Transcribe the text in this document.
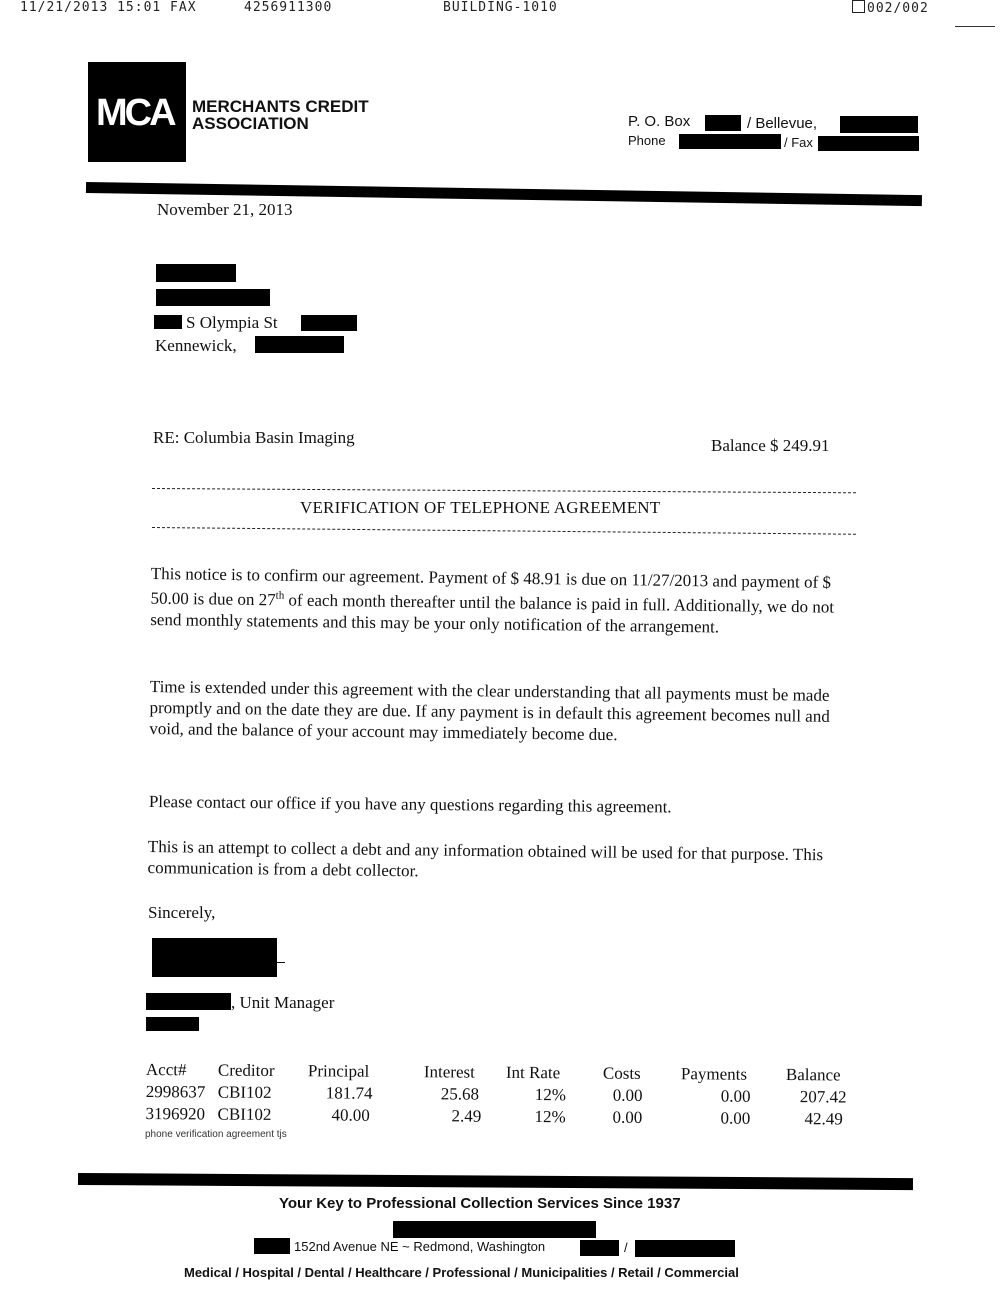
11/21/2013 15:01 FAX	4256911300	BUILDING-1010	002/002
MCA MERCHANTS CREDIT
ASSOCIATION	P. O. Box	/ Bellevue,
Phone	/ Fax
November 21, 2013
S Olympia St
Kennewick,
RE: Columbia Basin Imaging	Balance $ 249.91
VERIFICATION OF TELEPHONE AGREEMENT
This notice is to confirm our agreement. Payment of $ 48.91 is due on 11/27/2013 and payment of $ 50.00 is due on 27th of each month thereafter until the balance is paid in full. Additionally, we do not send monthly statements and this may be your only notification of the arrangement.
Time is extended under this agreement with the clear understanding that all payments must be made promptly and on the date they are due. If any payment is in default this agreement becomes null and void, and the balance of your account may immediately become due.
Please contact our office if you have any questions regarding this agreement.
This is an attempt to collect a debt and any information obtained will be used for that purpose. This communication is from a debt collector.
Sincerely,
, Unit Manager
Acct# Creditor Principal	Interest Int Rate	Costs Payments Balance
2998637 CBI102	181.74	25.68	12%	0.00	0.00	207.42
3196920 CBI102	40.00	2.49	12%	0.00	0.00	42.49
phone verification agreement tjs
Your Key to Professional Collection Services Since 1937
152nd Avenue NE ~ Redmond, Washington	/
Medical / Hospital / Dental / Healthcare / Professional / Municipalities / Retail / Commercial
